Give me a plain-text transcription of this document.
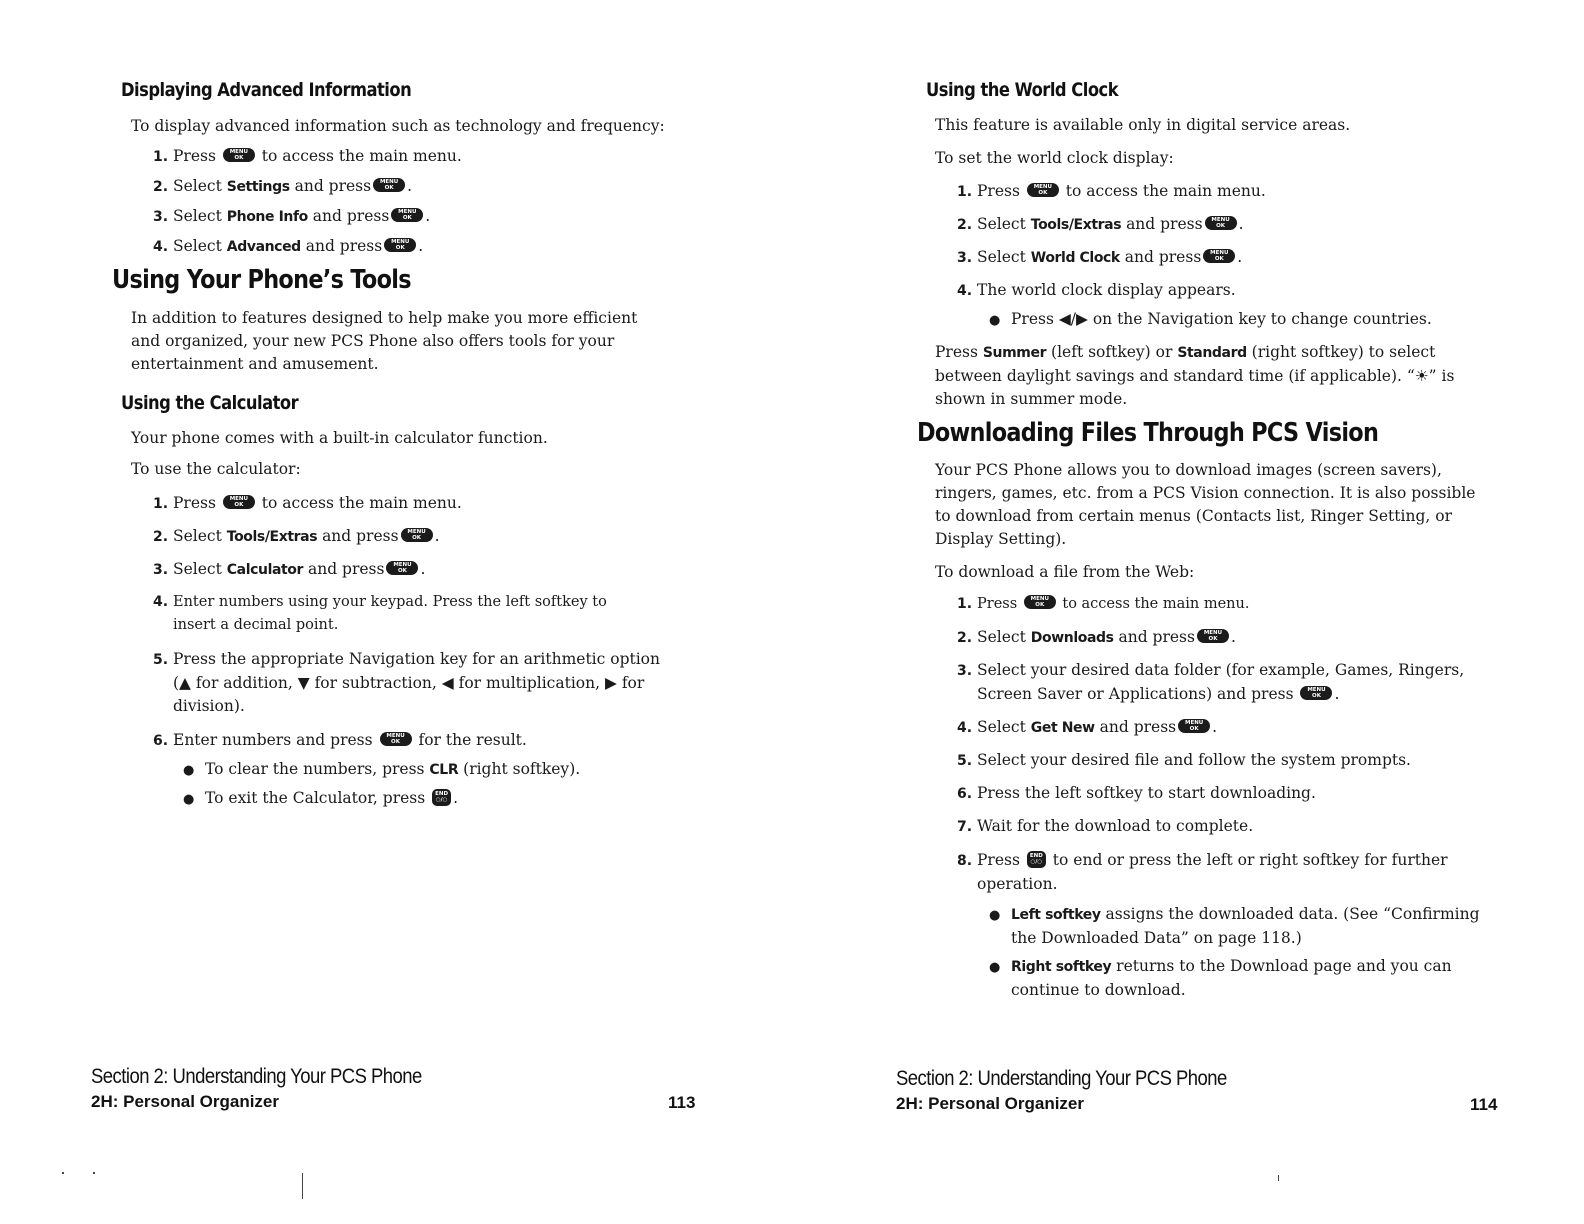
Displaying Advanced Information
To display advanced information such as technology and frequency:
1. Press	MENU
OK	to access the main menu.
2. Select Settings and press	MENU
OK .
3. Select Phone Info and press	MENU
OK .
4. Select Advanced and press	MENU
OK .
Using Your Phone’s Tools
In addition to features designed to help make you more efficient
and organized, your new PCS Phone also offers tools for your
entertainment and amusement.
Using the Calculator
Your phone comes with a built-in calculator function.
To use the calculator:
1. Press	MENU
OK	to access the main menu.
2. Select Tools/Extras and press	MENU
OK .
3. Select Calculator and press	MENU
OK .
4. Enter numbers using your keypad. Press the left softkey to
insert a decimal point.
5. Press the appropriate Navigation key for an arithmetic option
(▲ for addition, ▼ for subtraction, ◀ for multiplication, ▶ for
division).
6. Enter numbers and press	MENU
OK	for the result.
● To clear the numbers, press CLR (right softkey).
● To exit the Calculator, press	END
○/○ .
Section 2: Understanding Your PCS Phone
2H: Personal Organizer	113
Using the World Clock
This feature is available only in digital service areas.
To set the world clock display:
1. Press	MENU
OK	to access the main menu.
2. Select Tools/Extras and press	MENU
OK .
3. Select World Clock and press	MENU
OK .
4. The world clock display appears.
● Press ◀/▶ on the Navigation key to change countries.
Press Summer (left softkey) or Standard (right softkey) to select
between daylight savings and standard time (if applicable). “☀” is
shown in summer mode.
Downloading Files Through PCS Vision
Your PCS Phone allows you to download images (screen savers),
ringers, games, etc. from a PCS Vision connection. It is also possible
to download from certain menus (Contacts list, Ringer Setting, or
Display Setting).
To download a file from the Web:
1. Press	MENU
OK	to access the main menu.
2. Select Downloads and press	MENU
OK .
3. Select your desired data folder (for example, Games, Ringers,
Screen Saver or Applications) and press	MENU
OK .
4. Select Get New and press	MENU
OK .
5. Select your desired file and follow the system prompts.
6. Press the left softkey to start downloading.
7. Wait for the download to complete.
8. Press	END
○/○ to end or press the left or right softkey for further
operation.
● Left softkey assigns the downloaded data. (See “Confirming
the Downloaded Data” on page 118.)
● Right softkey returns to the Download page and you can
continue to download.
Section 2: Understanding Your PCS Phone
2H: Personal Organizer	114
